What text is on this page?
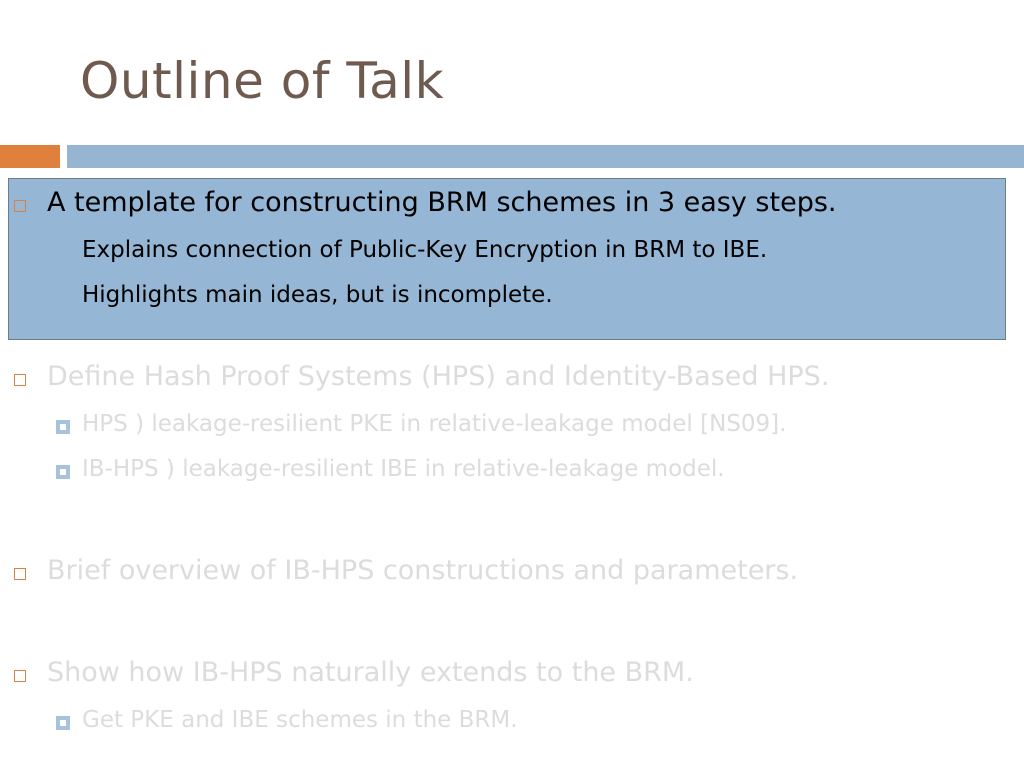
Outline of Talk
A template for constructing BRM schemes in 3 easy steps.
Explains connection of Public-Key Encryption in BRM to IBE.
Highlights main ideas, but is incomplete.
Define Hash Proof Systems (HPS) and Identity-Based HPS.
HPS ) leakage-resilient PKE in relative-leakage model [NS09].
IB-HPS ) leakage-resilient IBE in relative-leakage model.
Brief overview of IB-HPS constructions and parameters.
Show how IB-HPS naturally extends to the BRM.
Get PKE and IBE schemes in the BRM.
